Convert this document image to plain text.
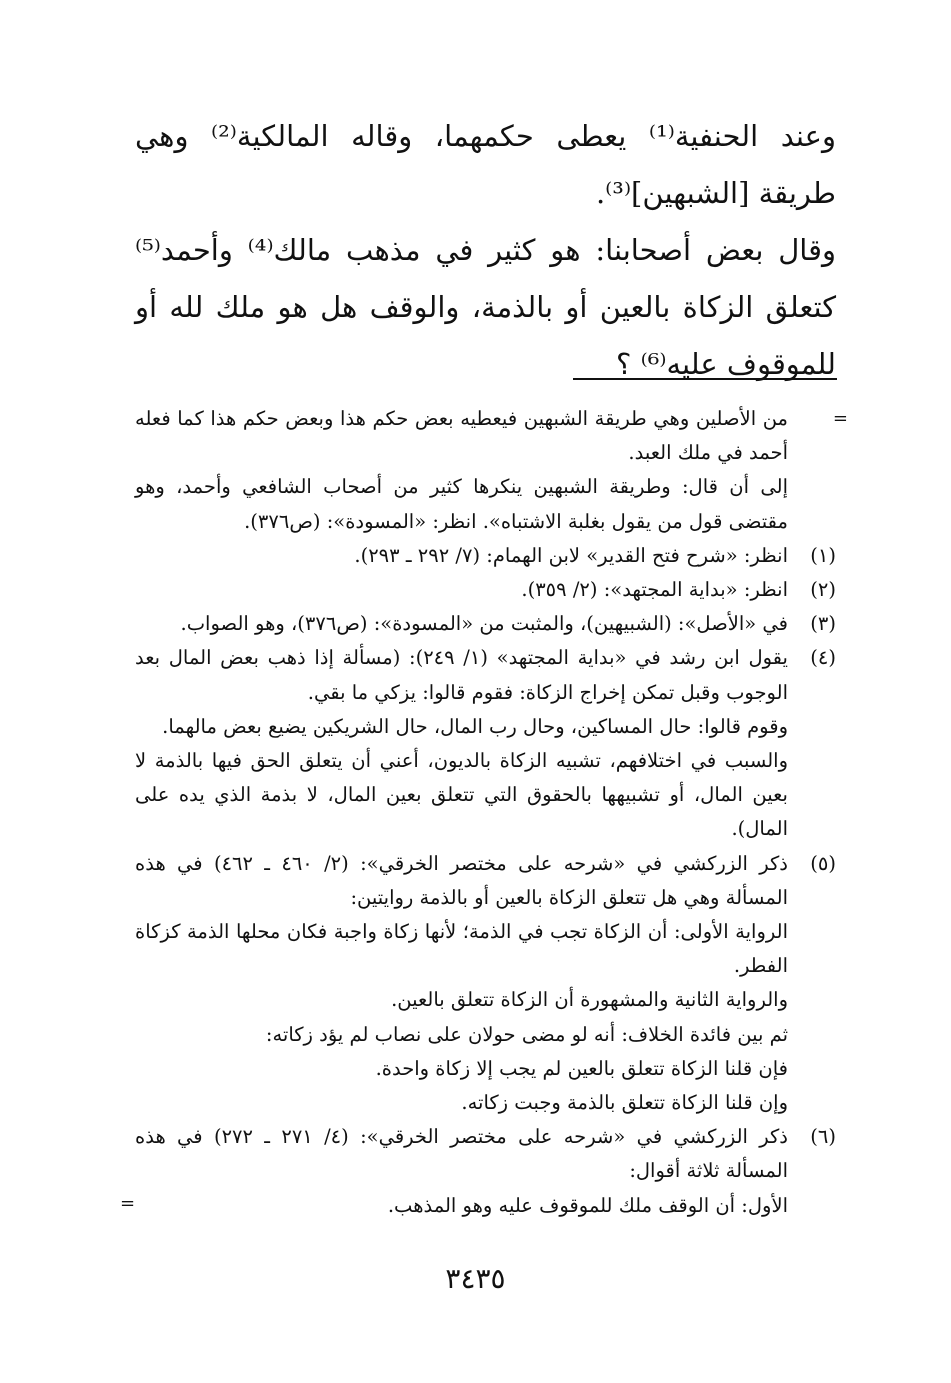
وعند الحنفية⁽¹⁾ يعطى حكمهما، وقاله المالكية⁽²⁾ وهي طريقة [الشبهين]⁽³⁾.

وقال بعض أصحابنا: هو كثير في مذهب مالك⁽⁴⁾ وأحمد⁽⁵⁾ كتعلق الزكاة بالعين أو بالذمة، والوقف هل هو ملك لله أو للموقوف عليه⁽⁶⁾ ؟

=

من الأصلين وهي طريقة الشبهين فيعطيه بعض حكم هذا وبعض حكم هذا كما فعله أحمد في ملك العبد.

إلى أن قال: وطريقة الشبهين ينكرها كثير من أصحاب الشافعي وأحمد، وهو مقتضى قول من يقول بغلبة الاشتباه». انظر: «المسودة»: (ص٣٧٦).

(١)

انظر: «شرح فتح القدير» لابن الهمام: (٧/ ٢٩٢ ـ ٢٩٣).

(٢)

انظر: «بداية المجتهد»: (٢/ ٣٥٩).

(٣)

في «الأصل»: (الشبيهين)، والمثبت من «المسودة»: (ص٣٧٦)، وهو الصواب.

(٤)

يقول ابن رشد في «بداية المجتهد» (١/ ٢٤٩): (مسألة إذا ذهب بعض المال بعد الوجوب وقبل تمكن إخراج الزكاة: فقوم قالوا: يزكي ما بقي.

وقوم قالوا: حال المساكين، وحال رب المال، حال الشريكين يضيع بعض مالهما.

والسبب في اختلافهم، تشبيه الزكاة بالديون، أعني أن يتعلق الحق فيها بالذمة لا بعين المال، أو تشبيهها بالحقوق التي تتعلق بعين المال، لا بذمة الذي يده على المال).

(٥)

ذكر الزركشي في «شرحه على مختصر الخرقي»: (٢/ ٤٦٠ ـ ٤٦٢) في هذه المسألة وهي هل تتعلق الزكاة بالعين أو بالذمة روايتين:

الرواية الأولى: أن الزكاة تجب في الذمة؛ لأنها زكاة واجبة فكان محلها الذمة كزكاة الفطر.

والرواية الثانية والمشهورة أن الزكاة تتعلق بالعين.

ثم بين فائدة الخلاف: أنه لو مضى حولان على نصاب لم يؤد زكاته:

فإن قلنا الزكاة تتعلق بالعين لم يجب إلا زكاة واحدة.

وإن قلنا الزكاة تتعلق بالذمة وجبت زكاته.

(٦)

ذكر الزركشي في «شرحه على مختصر الخرقي»: (٤/ ٢٧١ ـ ٢٧٢) في هذه المسألة ثلاثة أقوال:

الأول: أن الوقف ملك للموقوف عليه وهو المذهب.

=
٣٤٣٥
